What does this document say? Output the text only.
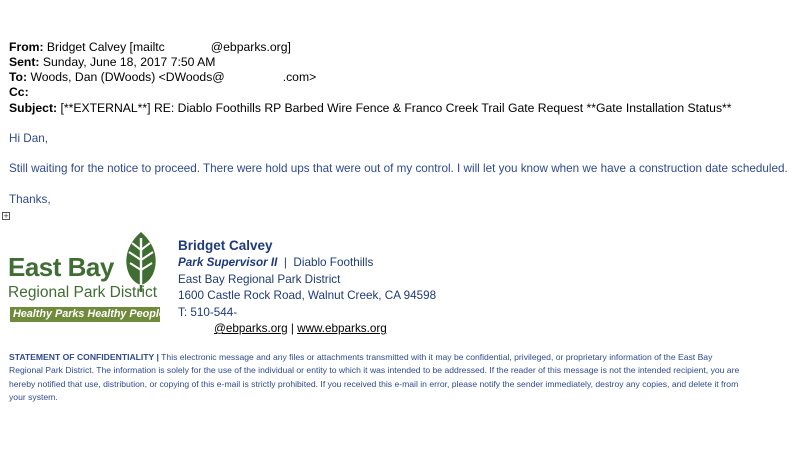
From: Bridget Calvey [mailtc	@ebparks.org]
Sent: Sunday, June 18, 2017 7:50 AM
To: Woods, Dan (DWoods) <DWoods@	.com>
Cc:
Subject: [**EXTERNAL**] RE: Diablo Foothills RP Barbed Wire Fence & Franco Creek Trail Gate Request **Gate Installation Status**
Hi Dan,
Still waiting for the notice to proceed. There were hold ups that were out of my control. I will let you know when we have a construction date scheduled.
Thanks,
+
East Bay
Regional Park District
Healthy Parks Healthy People
Bridget Calvey
Park Supervisor II  |  Diablo Foothills
East Bay Regional Park District
1600 Castle Rock Road, Walnut Creek, CA 94598
T: 510-544-
@ebparks.org | www.ebparks.org
STATEMENT OF CONFIDENTIALITY | This electronic message and any files or attachments transmitted with it may be confidential, privileged, or proprietary information of the East Bay Regional Park District. The information is solely for the use of the individual or entity to which it was intended to be addressed. If the reader of this message is not the intended recipient, you are hereby notified that use, distribution, or copying of this e-mail is strictly prohibited. If you received this e-mail in error, please notify the sender immediately, destroy any copies, and delete it from your system.
